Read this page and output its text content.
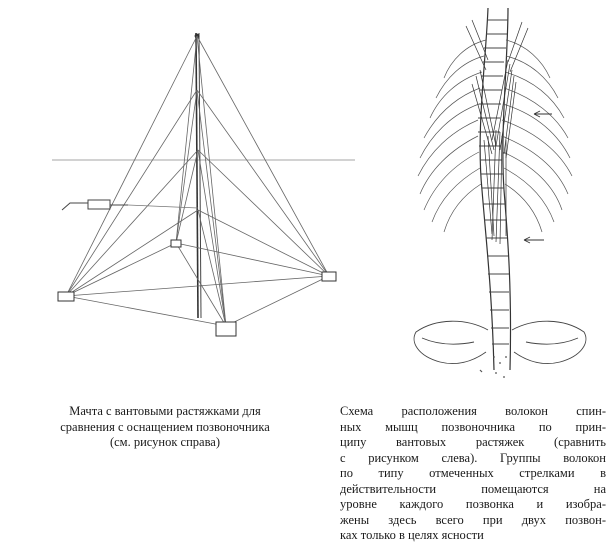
Мачта с вантовыми растяжками для
сравнения с оснащением позвоночника
(см. рисунок справа)
Схема расположения волокон спин-
ных мышц позвоночника по прин-
ципу вантовых растяжек (сравнить
с рисунком слева). Группы волокон
по типу отмеченных стрелками в
действительности помещаются на
уровне каждого позвонка и изобра-
жены здесь всего при двух позвон-
ках только в целях ясности
